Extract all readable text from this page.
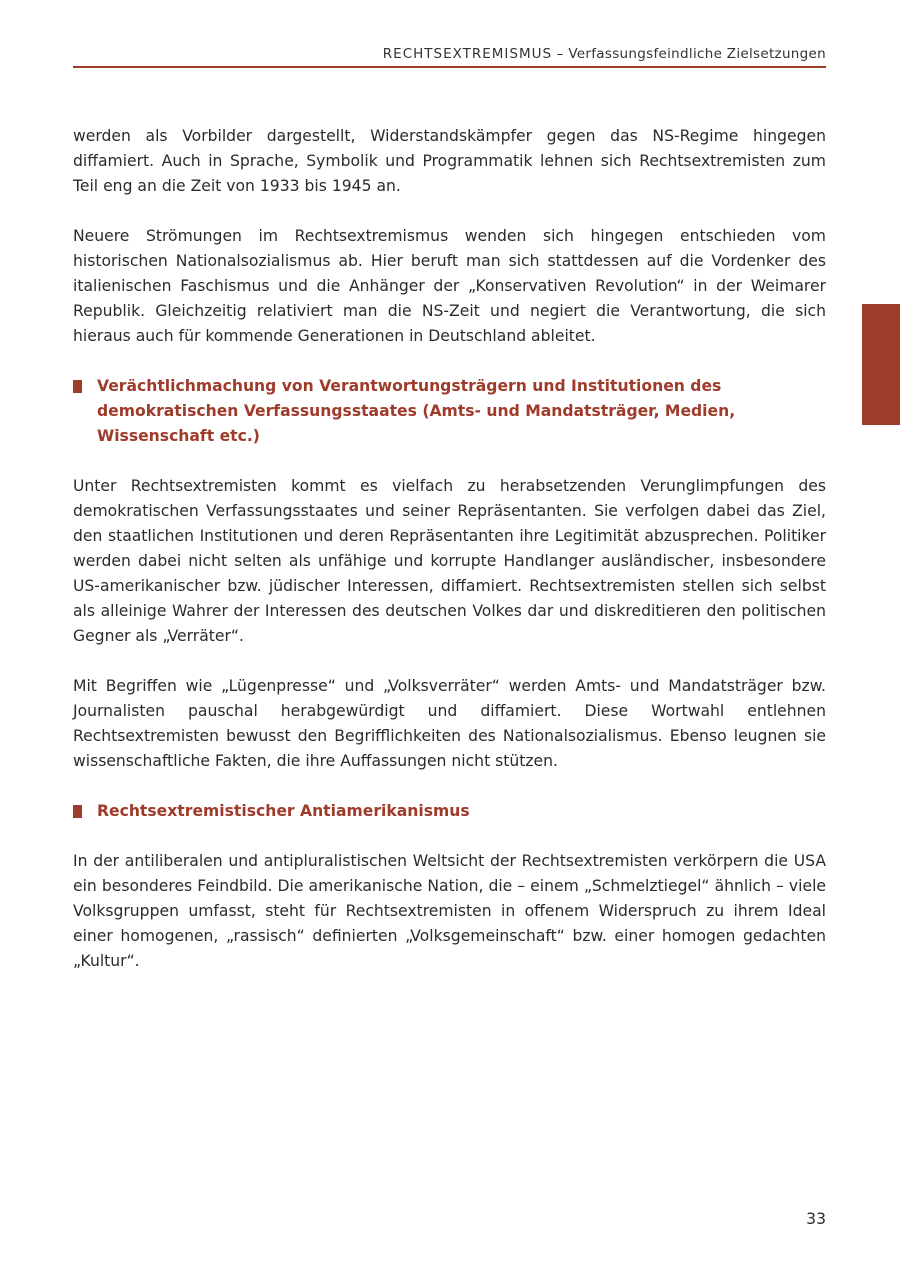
RECHTSEXTREMISMUS – Verfassungsfeindliche Zielsetzungen

werden als Vorbilder dargestellt, Widerstandskämpfer gegen das NS-Regime hingegen diffamiert. Auch in Sprache, Symbolik und Programmatik lehnen sich Rechtsextremisten zum Teil eng an die Zeit von 1933 bis 1945 an.

Neuere Strömungen im Rechtsextremismus wenden sich hingegen entschieden vom historischen Nationalsozialismus ab. Hier beruft man sich stattdessen auf die Vordenker des italienischen Faschismus und die Anhänger der „Konservativen Revolution“ in der Weimarer Republik. Gleichzeitig relativiert man die NS-Zeit und negiert die Verantwortung, die sich hieraus auch für kommende Generationen in Deutschland ableitet.

Verächtlichmachung von Verantwortungsträgern und Institutionen des demokratischen Verfassungsstaates (Amts- und Mandatsträger, Medien, Wissenschaft etc.)

Unter Rechtsextremisten kommt es vielfach zu herabsetzenden Verunglimpfungen des demokratischen Verfassungsstaates und seiner Repräsentanten. Sie verfolgen dabei das Ziel, den staatlichen Institutionen und deren Repräsentanten ihre Legitimität abzusprechen. Politiker werden dabei nicht selten als unfähige und korrupte Handlanger ausländischer, insbesondere US-amerikanischer bzw. jüdischer Interessen, diffamiert. Rechtsextremisten stellen sich selbst als alleinige Wahrer der Interessen des deutschen Volkes dar und diskreditieren den politischen Gegner als „Verräter“.

Mit Begriffen wie „Lügenpresse“ und „Volksverräter“ werden Amts- und Mandatsträger bzw. Journalisten pauschal herabgewürdigt und diffamiert. Diese Wortwahl entlehnen Rechtsextremisten bewusst den Begrifflichkeiten des Nationalsozialismus. Ebenso leugnen sie wissenschaftliche Fakten, die ihre Auffassungen nicht stützen.

Rechtsextremistischer Antiamerikanismus

In der antiliberalen und antipluralistischen Weltsicht der Rechtsextremisten verkörpern die USA ein besonderes Feindbild. Die amerikanische Nation, die – einem „Schmelztiegel“ ähnlich – viele Volksgruppen umfasst, steht für Rechtsextremisten in offenem Widerspruch zu ihrem Ideal einer homogenen, „rassisch“ definierten „Volksgemeinschaft“ bzw. einer homogen gedachten „Kultur“.

33
